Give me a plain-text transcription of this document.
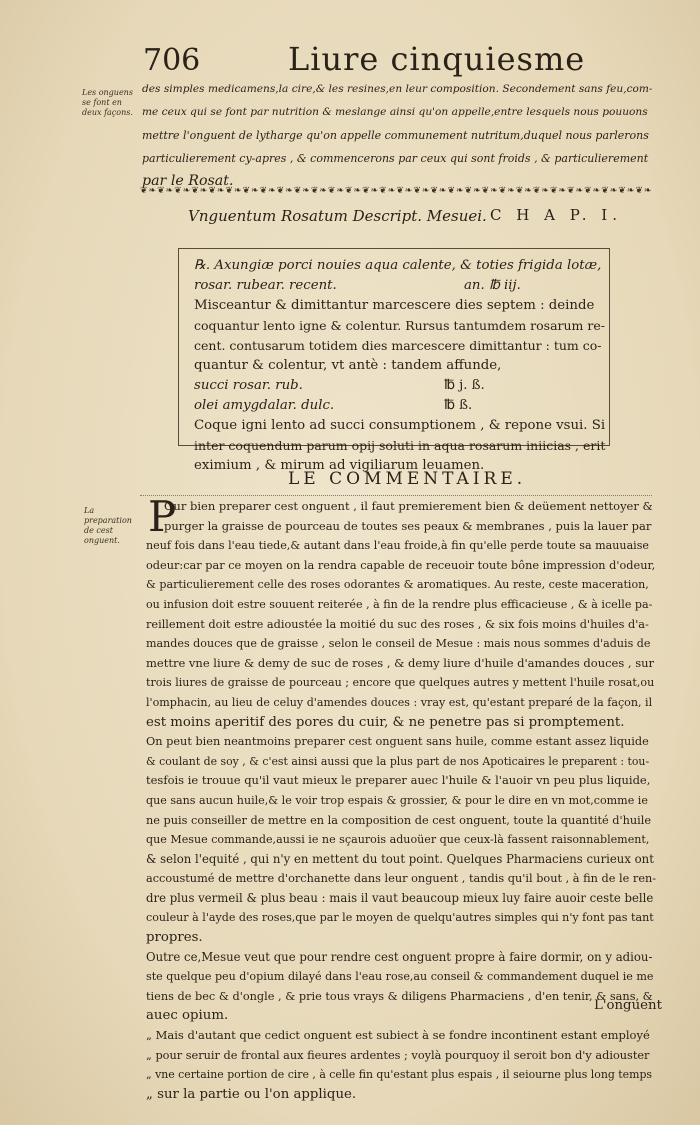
706	Liure cinquiesme
Les onguens se font en deux façons.
des simples medicamens,la cire,& les resines,en leur composition. Secondement sans feu,com-
me ceux qui se font par nutrition & meslange ainsi qu'on appelle,entre lesquels nous pouuons
mettre l'onguent de lytharge qu'on appelle communement nutritum,duquel nous parlerons
particulierement cy-apres , & commencerons par ceux qui sont froids , & particulierement
par le Rosat.
❦❧❦❧❦❧❦❧❦❧❦❧❦❧❦❧❦❧❦❧❦❧❦❧❦❧❦❧❦❧❦❧❦❧❦❧❦❧❦❧❦❧❦❧❦❧❦❧❦❧❦❧❦❧❦❧❦❧❦❧
Vnguentum Rosatum Descript. Mesuei. C H A P. I.
℞. Axungiæ porci nouies aqua calente, & toties frigida lotæ,
rosar. rubear. recent.	an. ℔ iij.
Misceantur & dimittantur marcescere dies septem : deinde
coquantur lento igne & colentur. Rursus tantumdem rosarum re-
cent. contusarum totidem dies marcescere dimittantur : tum co-
quantur & colentur, vt antè : tandem affunde,
succi rosar. rub.	℔ j. ß.
olei amygdalar. dulc.	℔ ß.
Coque igni lento ad succi consumptionem , & repone vsui. Si
inter coquendum parum opij soluti in aqua rosarum iniicias , erit
eximium , & mirum ad vigiliarum leuamen.
LE COMMENTAIRE.
La preparation de cest onguent. P
Our bien preparer cest onguent , il faut premierement bien & deüement nettoyer &
purger la graisse de pourceau de toutes ses peaux & membranes , puis la lauer par
neuf fois dans l'eau tiede,& autant dans l'eau froide,à fin qu'elle perde toute sa mauuaise
odeur:car par ce moyen on la rendra capable de receuoir toute bône impression d'odeur,
& particulierement celle des roses odorantes & aromatiques. Au reste, ceste maceration,
ou infusion doit estre souuent reiterée , à fin de la rendre plus efficacieuse , & à icelle pa-
reillement doit estre adioustée la moitié du suc des roses , & six fois moins d'huiles d'a-
mandes douces que de graisse , selon le conseil de Mesue : mais nous sommes d'aduis de
mettre vne liure & demy de suc de roses , & demy liure d'huile d'amandes douces , sur
trois liures de graisse de pourceau ; encore que quelques autres y mettent l'huile rosat,ou
l'omphacin, au lieu de celuy d'amendes douces : vray est, qu'estant preparé de la façon, il
est moins aperitif des pores du cuir, & ne penetre pas si promptement.
On peut bien neantmoins preparer cest onguent sans huile, comme estant assez liquide
& coulant de soy , & c'est ainsi aussi que la plus part de nos Apoticaires le preparent : tou-
tesfois ie trouue qu'il vaut mieux le preparer auec l'huile & l'auoir vn peu plus liquide,
que sans aucun huile,& le voir trop espais & grossier, & pour le dire en vn mot,comme ie
ne puis conseiller de mettre en la composition de cest onguent, toute la quantité d'huile
que Mesue commande,aussi ie ne sçaurois aduoüer que ceux-là fassent raisonnablement,
& selon l'equité , qui n'y en mettent du tout point. Quelques Pharmaciens curieux ont
accoustumé de mettre d'orchanette dans leur onguent , tandis qu'il bout , à fin de le ren-
dre plus vermeil & plus beau : mais il vaut beaucoup mieux luy faire auoir ceste belle
couleur à l'ayde des roses,que par le moyen de quelqu'autres simples qui n'y font pas tant
propres.
Outre ce,Mesue veut que pour rendre cest onguent propre à faire dormir, on y adiou-
ste quelque peu d'opium dilayé dans l'eau rose,au conseil & commandement duquel ie me
tiens de bec & d'ongle , & prie tous vrays & diligens Pharmaciens , d'en tenir, & sans, &
auec opium.
„ Mais d'autant que cedict onguent est subiect à se fondre incontinent estant employé
„ pour seruir de frontal aux fieures ardentes ; voylà pourquoy il seroit bon d'y adiouster
„ vne certaine portion de cire , à celle fin qu'estant plus espais , il seiourne plus long temps
„ sur la partie ou l'on applique.
L'onguent
